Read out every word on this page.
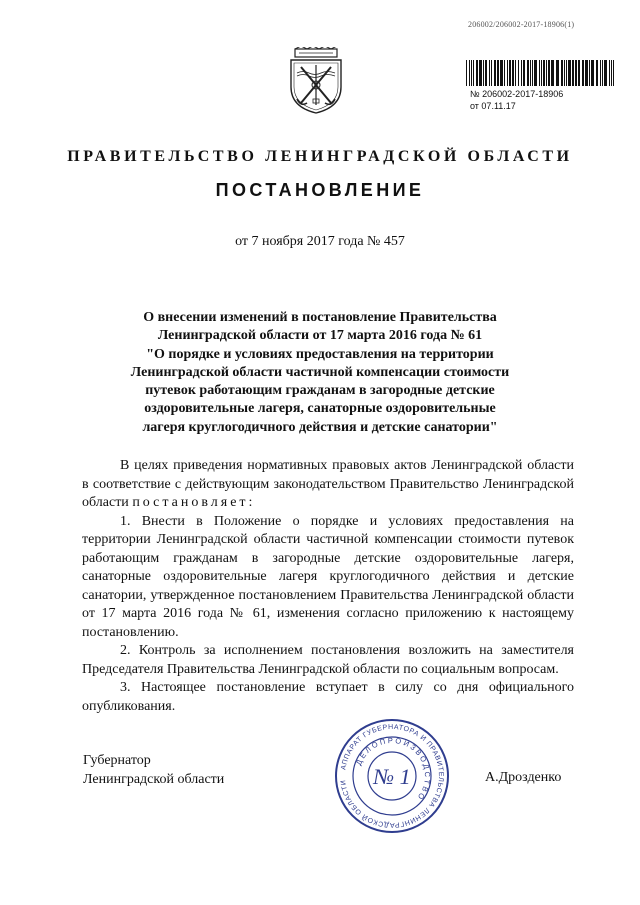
206002/206002-2017-18906(1)
№ 206002-2017-18906
от 07.11.17
ПРАВИТЕЛЬСТВО ЛЕНИНГРАДСКОЙ ОБЛАСТИ
ПОСТАНОВЛЕНИЕ
от 7 ноября 2017 года № 457
О внесении изменений в постановление Правительства
Ленинградской области от 17 марта 2016 года № 61
"О порядке и условиях предоставления на территории
Ленинградской области частичной компенсации стоимости
путевок работающим гражданам в загородные детские
оздоровительные лагеря, санаторные оздоровительные
лагеря круглогодичного действия и детские санатории"

В целях приведения нормативных правовых актов Ленинградской области в соответствие с действующим законодательством Правительство Ленинградской области постановляет:

1. Внести в Положение о порядке и условиях предоставления на территории Ленинградской области частичной компенсации стоимости путевок работающим гражданам в загородные детские оздоровительные лагеря, санаторные оздоровительные лагеря круглогодичного действия и детские санатории, утвержденное постановлением Правительства Ленинградской области от 17 марта 2016 года № 61, изменения согласно приложению к настоящему постановлению.

2. Контроль за исполнением постановления возложить на заместителя Председателя Правительства Ленинградской области по социальным вопросам.

3. Настоящее постановление вступает в силу со дня официального опубликования.

Губернатор
Ленинградской области
АППАРАТ ГУБЕРНАТОРА И ПРАВИТЕЛЬСТВА ЛЕНИНГРАДСКОЙ ОБЛАСТИ
ДЕЛОПРОИЗВОДСТВО
№ 1	А.Дрозденко
